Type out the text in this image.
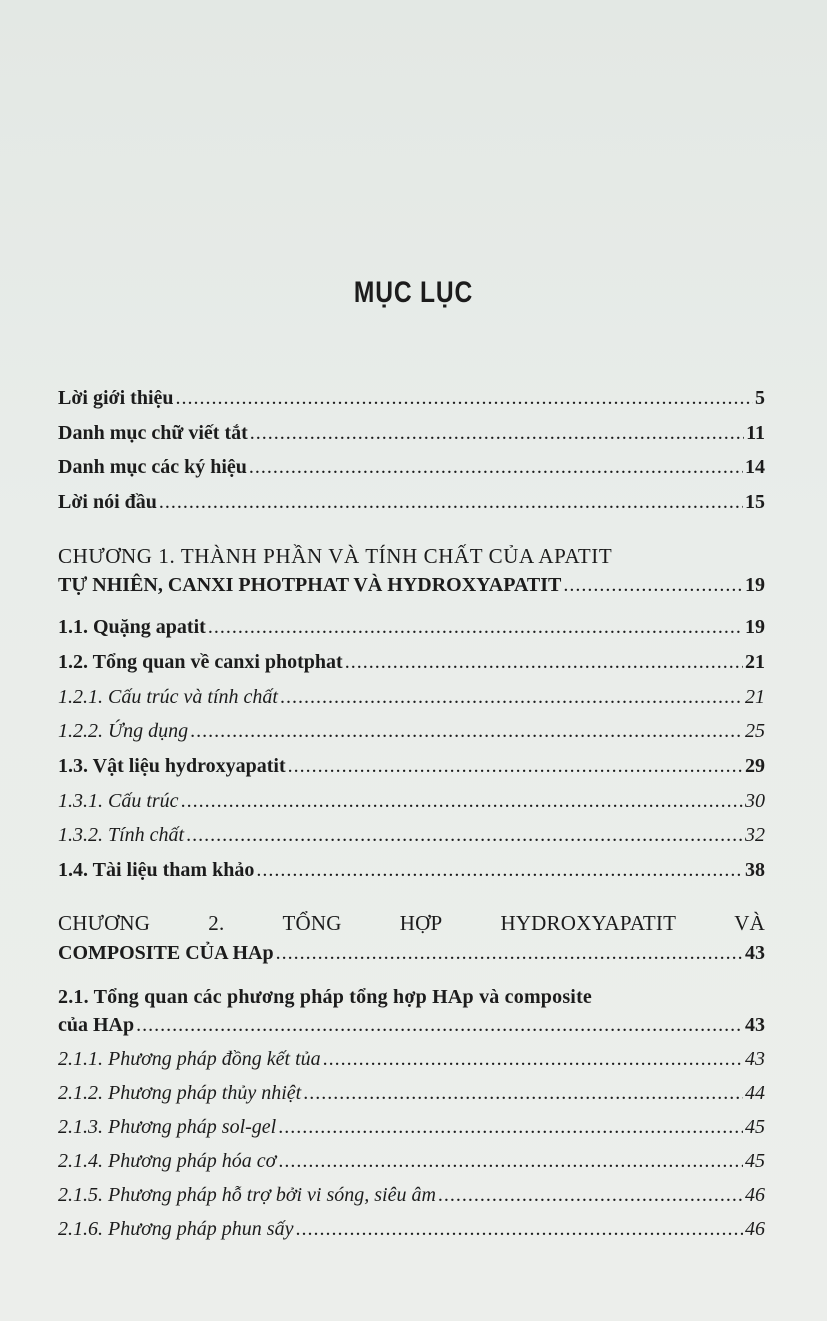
MỤC LỤC
Lời giới thiệu .....	5
Danh mục chữ viết tắt .....	11
Danh mục các ký hiệu .....	14
Lời nói đầu .....	15
CHƯƠNG 1. THÀNH PHẦN VÀ TÍNH CHẤT CỦA APATIT
TỰ NHIÊN, CANXI PHOTPHAT VÀ HYDROXYAPATIT .....	19
1.1. Quặng apatit .....	19
1.2. Tổng quan về canxi photphat .....	21
1.2.1. Cấu trúc và tính chất .....	21
1.2.2. Ứng dụng .....	25
1.3. Vật liệu hydroxyapatit .....	29
1.3.1. Cấu trúc .....	30
1.3.2. Tính chất .....	32
1.4. Tài liệu tham khảo .....	38
CHƯƠNG	2.	TỔNG	HỢP	HYDROXYAPATIT	VÀ
COMPOSITE CỦA HAp .....	43
2.1. Tổng quan các phương pháp tổng hợp HAp và composite
của HAp .....	43
2.1.1. Phương pháp đồng kết tủa .....	43
2.1.2. Phương pháp thủy nhiệt .....	44
2.1.3. Phương pháp sol-gel .....	45
2.1.4. Phương pháp hóa cơ .....	45
2.1.5. Phương pháp hỗ trợ bởi vi sóng, siêu âm .....	46
2.1.6. Phương pháp phun sấy .....	46
